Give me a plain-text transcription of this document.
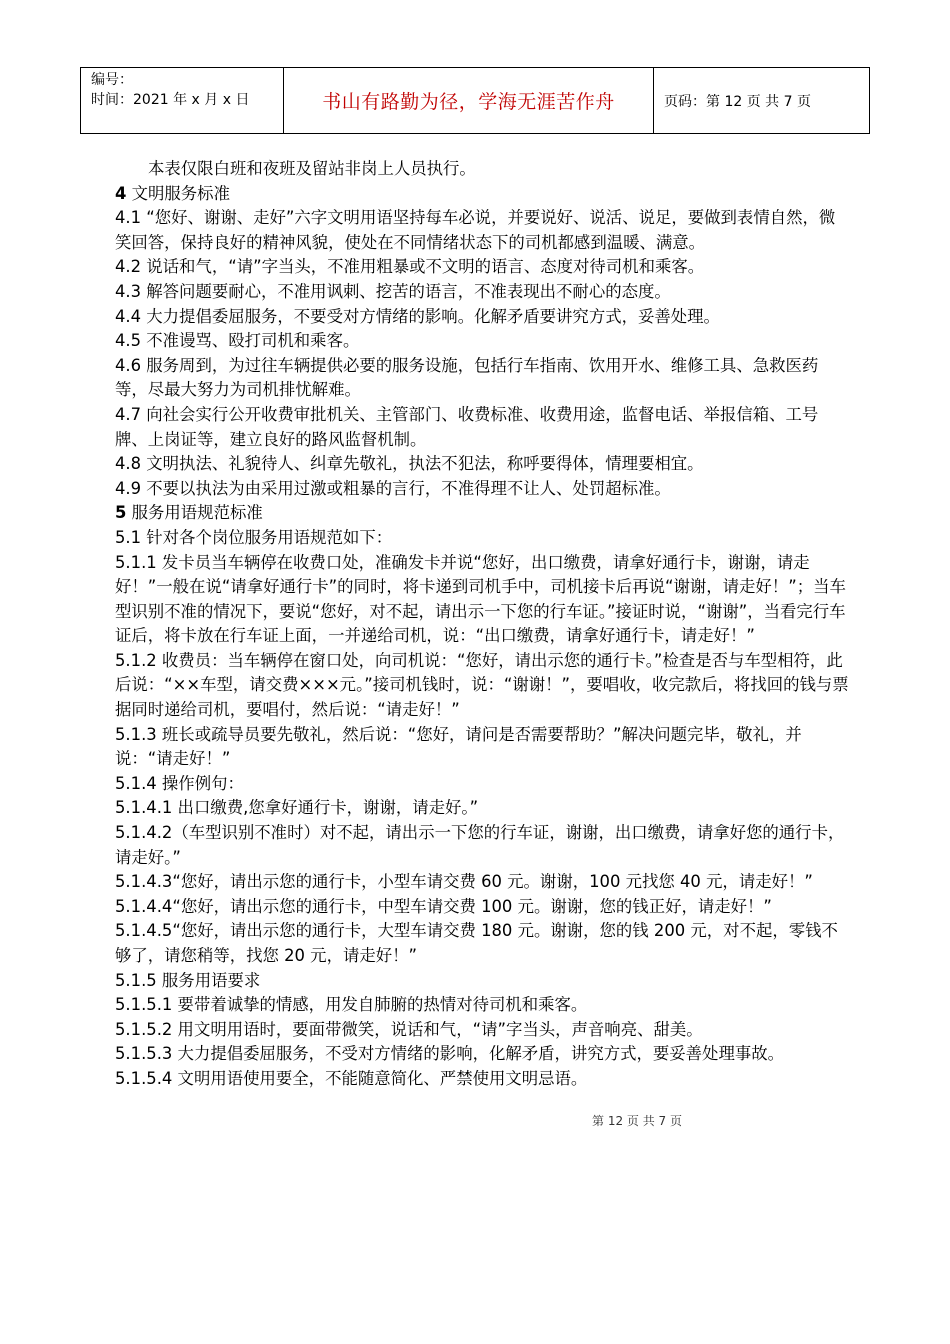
编号：
时间：2021 年 x 月 x 日	书山有路勤为径，学海无涯苦作舟	页码：第 12 页 共 7 页

本表仅限白班和夜班及留站非岗上人员执行。

4 文明服务标准

4.1 “您好、谢谢、走好”六字文明用语坚持每车必说，并要说好、说活、说足，要做到表情自然，微笑回答，保持良好的精神风貌，使处在不同情绪状态下的司机都感到温暖、满意。

4.2 说话和气，“请”字当头，不准用粗暴或不文明的语言、态度对待司机和乘客。

4.3 解答问题要耐心，不准用讽刺、挖苦的语言，不准表现出不耐心的态度。

4.4 大力提倡委屈服务，不要受对方情绪的影响。化解矛盾要讲究方式，妥善处理。

4.5 不准谩骂、殴打司机和乘客。

4.6 服务周到，为过往车辆提供必要的服务设施，包括行车指南、饮用开水、维修工具、急救医药等，尽最大努力为司机排忧解难。

4.7 向社会实行公开收费审批机关、主管部门、收费标准、收费用途，监督电话、举报信箱、工号牌、上岗证等，建立良好的路风监督机制。

4.8 文明执法、礼貌待人、纠章先敬礼，执法不犯法，称呼要得体，情理要相宜。

4.9 不要以执法为由采用过激或粗暴的言行，不准得理不让人、处罚超标准。

5 服务用语规范标准

5.1 针对各个岗位服务用语规范如下：

5.1.1 发卡员当车辆停在收费口处，准确发卡并说“您好，出口缴费，请拿好通行卡，谢谢，请走好！”一般在说“请拿好通行卡”的同时，将卡递到司机手中，司机接卡后再说“谢谢，请走好！”；当车型识别不准的情况下，要说“您好，对不起，请出示一下您的行车证。”接证时说，“谢谢”，当看完行车证后，将卡放在行车证上面，一并递给司机，说：“出口缴费，请拿好通行卡，请走好！”

5.1.2 收费员：当车辆停在窗口处，向司机说：“您好，请出示您的通行卡。”检查是否与车型相符，此后说：“××车型，请交费×××元。”接司机钱时，说：“谢谢！”，要唱收，收完款后，将找回的钱与票据同时递给司机，要唱付，然后说：“请走好！”

5.1.3 班长或疏导员要先敬礼，然后说：“您好，请问是否需要帮助？”解决问题完毕，敬礼，并说：“请走好！”

5.1.4 操作例句：

5.1.4.1 出口缴费,您拿好通行卡，谢谢，请走好。”

5.1.4.2（车型识别不准时）对不起，请出示一下您的行车证，谢谢，出口缴费，请拿好您的通行卡，请走好。”

5.1.4.3“您好，请出示您的通行卡，小型车请交费 60 元。谢谢，100 元找您 40 元，请走好！”

5.1.4.4“您好，请出示您的通行卡，中型车请交费 100 元。谢谢，您的钱正好，请走好！”

5.1.4.5“您好，请出示您的通行卡，大型车请交费 180 元。谢谢，您的钱 200 元，对不起，零钱不够了，请您稍等，找您 20 元，请走好！”

5.1.5 服务用语要求

5.1.5.1 要带着诚挚的情感，用发自肺腑的热情对待司机和乘客。

5.1.5.2 用文明用语时，要面带微笑，说话和气，“请”字当头，声音响亮、甜美。

5.1.5.3 大力提倡委屈服务，不受对方情绪的影响，化解矛盾，讲究方式，要妥善处理事故。

5.1.5.4 文明用语使用要全，不能随意简化、严禁使用文明忌语。

第 12 页 共 7 页
